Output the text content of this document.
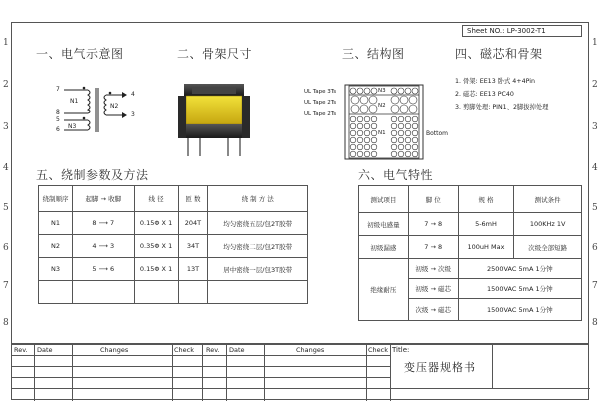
1
2
3
4
5
6
7
8
1
2
3
4
5
6
7
8
Sheet NO.: LP-3002-T1
一、电气示意图	二、骨架尺寸	三、结构图	四、磁芯和骨架
五、绕制参数及方法	六、电气特性
7
8
5
6
4
3
N1
N3
N2
UL Tape 3Ts
UL Tape 2Ts
UL Tape 2Ts
N3
N2
N1	Bottom
1. 骨架: EE13 卧式 4+4Pin
2. 磁芯: EE13 PC40
3. 剪脚处理: PIN1、2脚拔掉处理
绕制顺序	起脚 → 收脚	线 径	匝 数	绕 制 方 法
N1	8 ⟶ 7	0.15Φ X 1	204T	均匀密绕五层/包2T胶带
N2	4 ⟶ 3	0.35Φ X 1	34T	均匀密绕二层/包2T胶带
N3	5 ⟶ 6	0.15Φ X 1	13T	居中密绕一层/包3T胶带

测试项目	脚 位	规 格	测试条件
初级电感量	7 → 8	5-6mH	100KHz 1V
初级漏感	7 → 8	100uH Max	次级全部短路
绝缘耐压	初级 → 次级	2500VAC 5mA 1分钟	
	初级 → 磁芯	1500VAC 5mA 1分钟	
	次级 → 磁芯	1500VAC 5mA 1分钟	
Rev. Date	Changes	Check Rev. Date	Changes	Check Title:
变压器规格书
